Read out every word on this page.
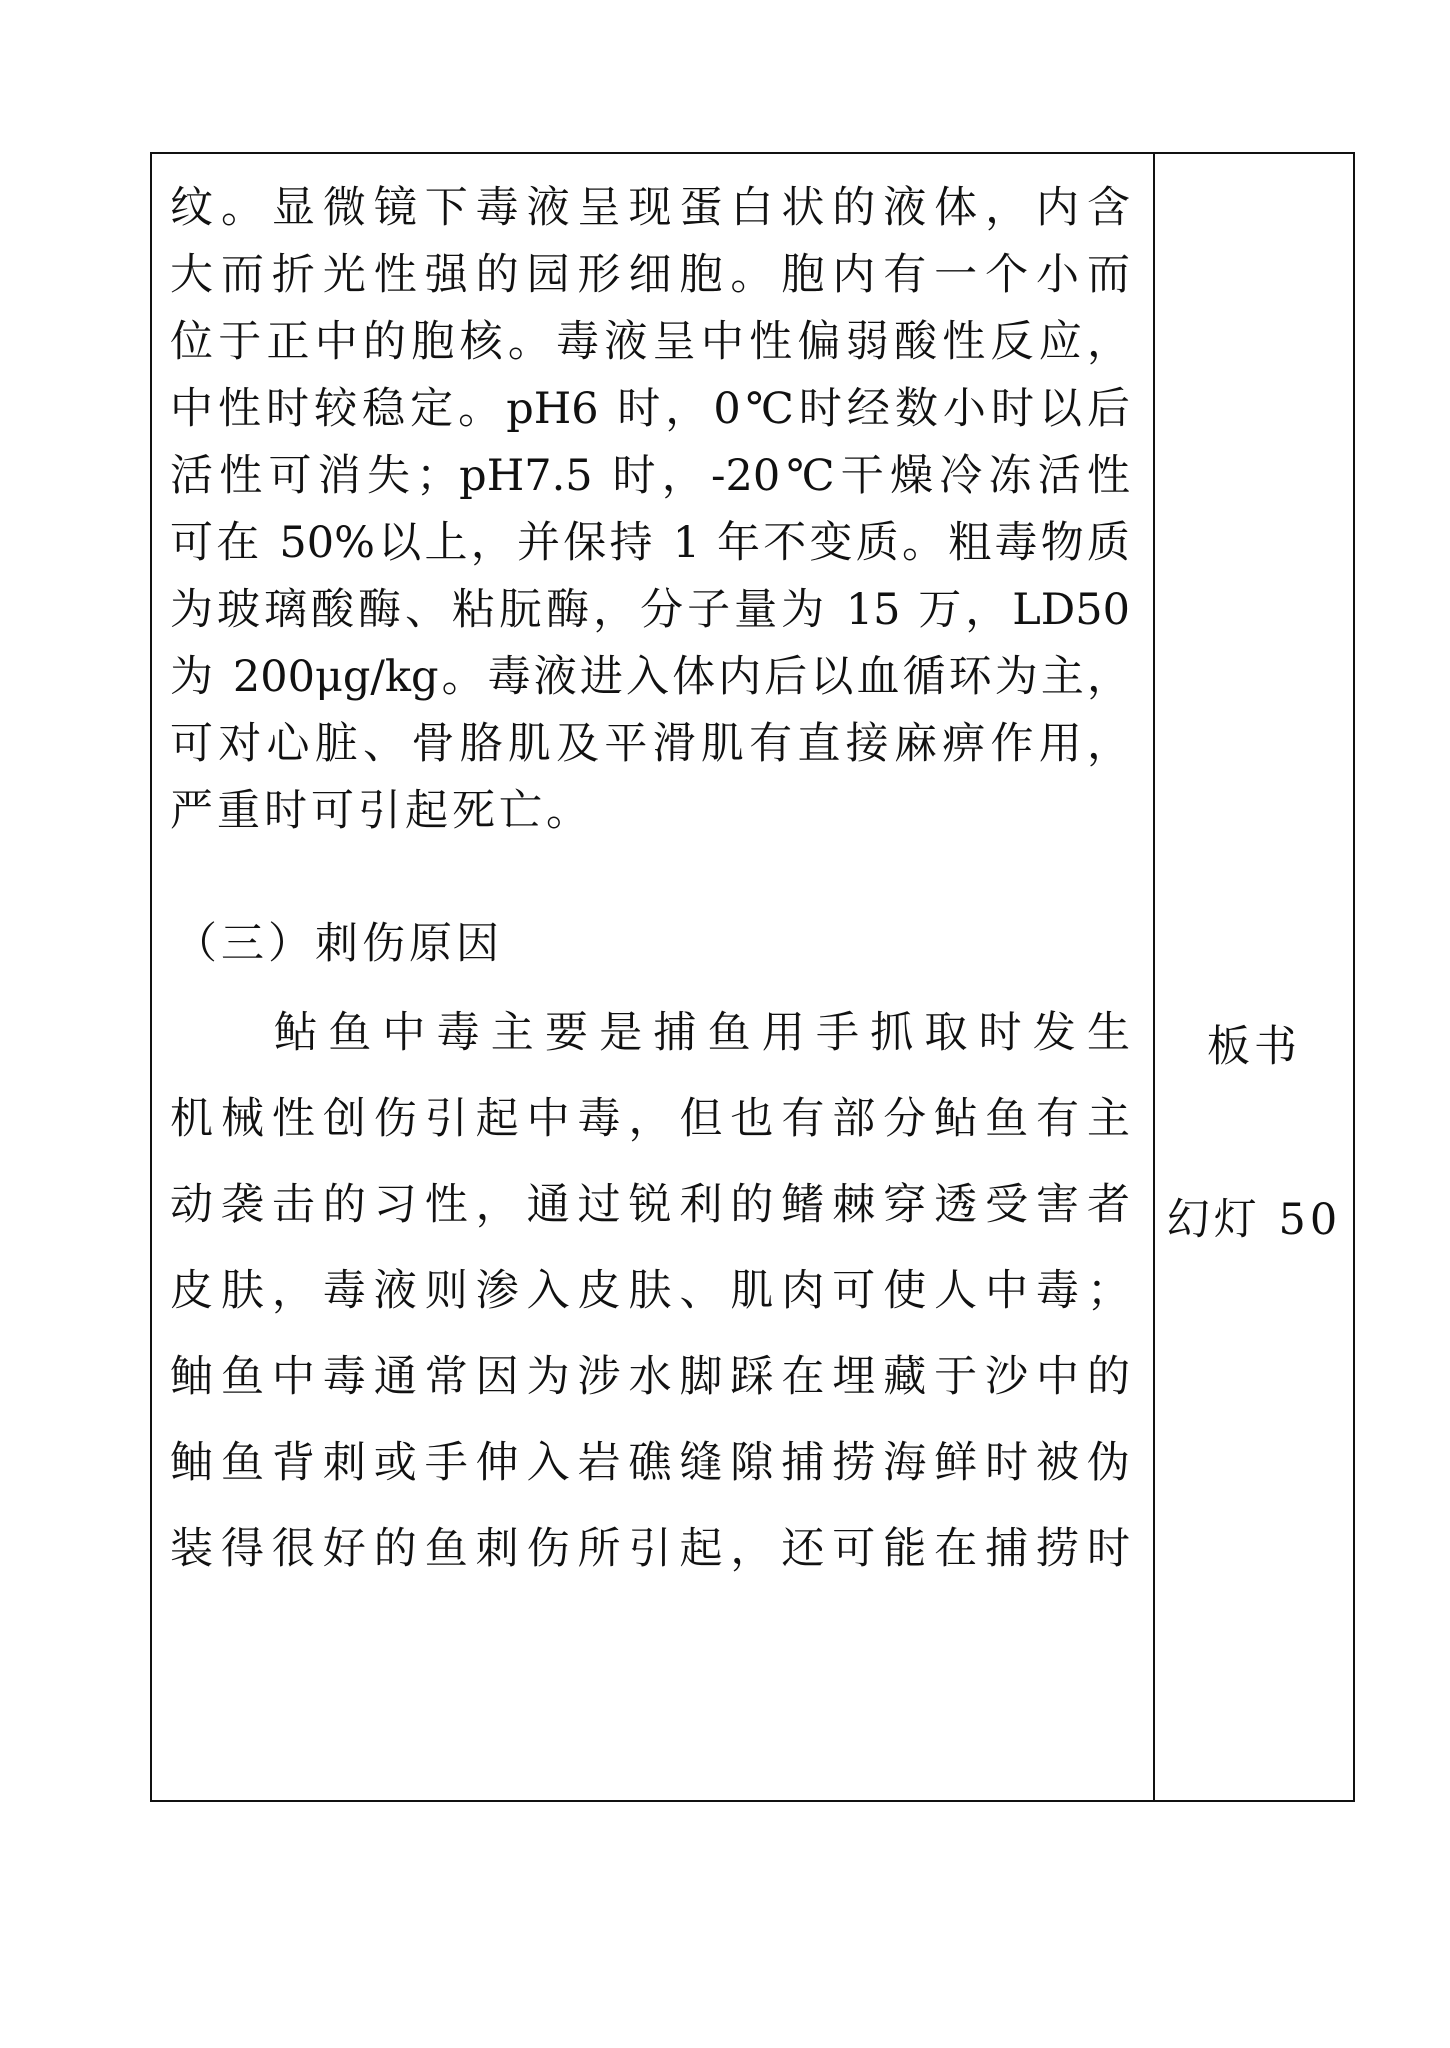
纹。显微镜下毒液呈现蛋白状的液体，内含
大而折光性强的园形细胞。胞内有一个小而
位于正中的胞核。毒液呈中性偏弱酸性反应，
中性时较稳定。pH6 时，0℃时经数小时以后
活性可消失；pH7.5 时，-20℃干燥冷冻活性
可在 50%以上，并保持 1 年不变质。粗毒物质
为玻璃酸酶、粘朊酶，分子量为 15 万，LD50
为 200μg/kg。毒液进入体内后以血循环为主，
可对心脏、骨胳肌及平滑肌有直接麻痹作用，
严重时可引起死亡。
（三）刺伤原因
鲇鱼中毒主要是捕鱼用手抓取时发生
机械性创伤引起中毒，但也有部分鲇鱼有主
动袭击的习性，通过锐利的鳍棘穿透受害者
皮肤，毒液则渗入皮肤、肌肉可使人中毒；
鲉鱼中毒通常因为涉水脚踩在埋藏于沙中的
鲉鱼背刺或手伸入岩礁缝隙捕捞海鲜时被伪
装得很好的鱼刺伤所引起，还可能在捕捞时
板书
幻灯 50
